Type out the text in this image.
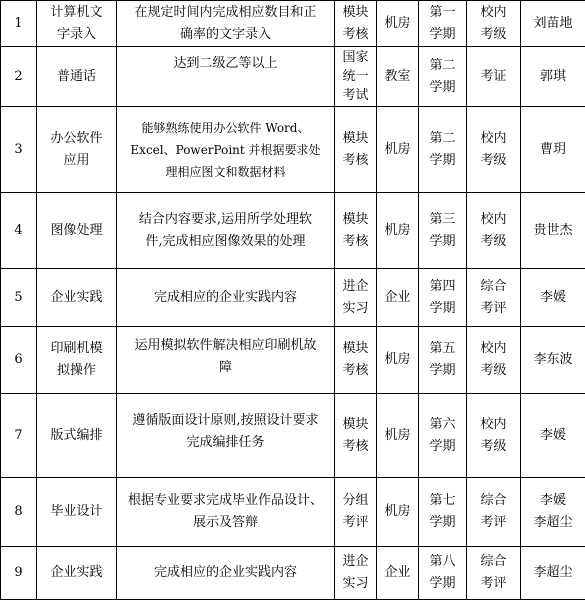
1	计算机文
字录入	在规定时间内完成相应数目和正
确率的文字录入	模块
考核	机房	第一
学期	校内
考级	刘苗地
2	普通话	达到二级乙等以上	国家
统一
考试	教室	第二
学期	考证	郭琪
3	办公软件
应用	能够熟练使用办公软件 Word、
Excel、PowerPoint 并根据要求处
理相应图文和数据材料	模块
考核	机房	第二
学期	校内
考级	曹玥
4	图像处理	结合内容要求,运用所学处理软
件,完成相应图像效果的处理	模块
考核	机房	第三
学期	校内
考级	贵世杰
5	企业实践	完成相应的企业实践内容	进企
实习	企业	第四
学期	综合
考评	李媛
6	印刷机模
拟操作	运用模拟软件解决相应印刷机故
障	模块
考核	机房	第五
学期	校内
考级	李东波
7	版式编排	遵循版面设计原则,按照设计要求
完成编排任务	模块
考核	机房	第六
学期	校内
考级	李媛
8	毕业设计	根据专业要求完成毕业作品设计、
展示及答辩	分组
考评	机房	第七
学期	综合
考评	李媛
李超尘
9	企业实践	完成相应的企业实践内容	进企
实习	企业	第八
学期	综合
考评	李超尘
